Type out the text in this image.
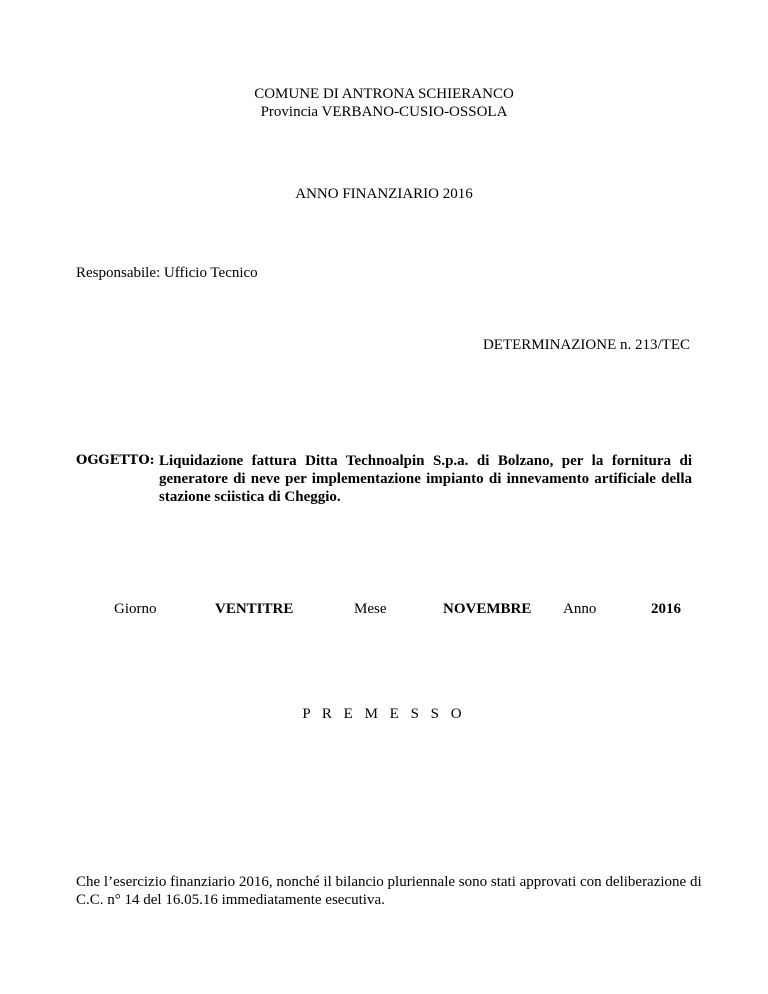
COMUNE DI ANTRONA SCHIERANCO
Provincia VERBANO-CUSIO-OSSOLA
ANNO FINANZIARIO 2016
Responsabile: Ufficio Tecnico
DETERMINAZIONE n. 213/TEC
OGGETTO: Liquidazione fattura Ditta Technoalpin S.p.a. di Bolzano, per la fornitura di generatore di neve per implementazione impianto di innevamento artificiale della stazione sciistica di Cheggio.
Giorno	VENTITRE	Mese	NOVEMBRE Anno	2016
P R E M E S S O
Che l’esercizio finanziario 2016, nonché il bilancio pluriennale sono stati approvati con deliberazione di C.C. n° 14 del 16.05.16 immediatamente esecutiva.
